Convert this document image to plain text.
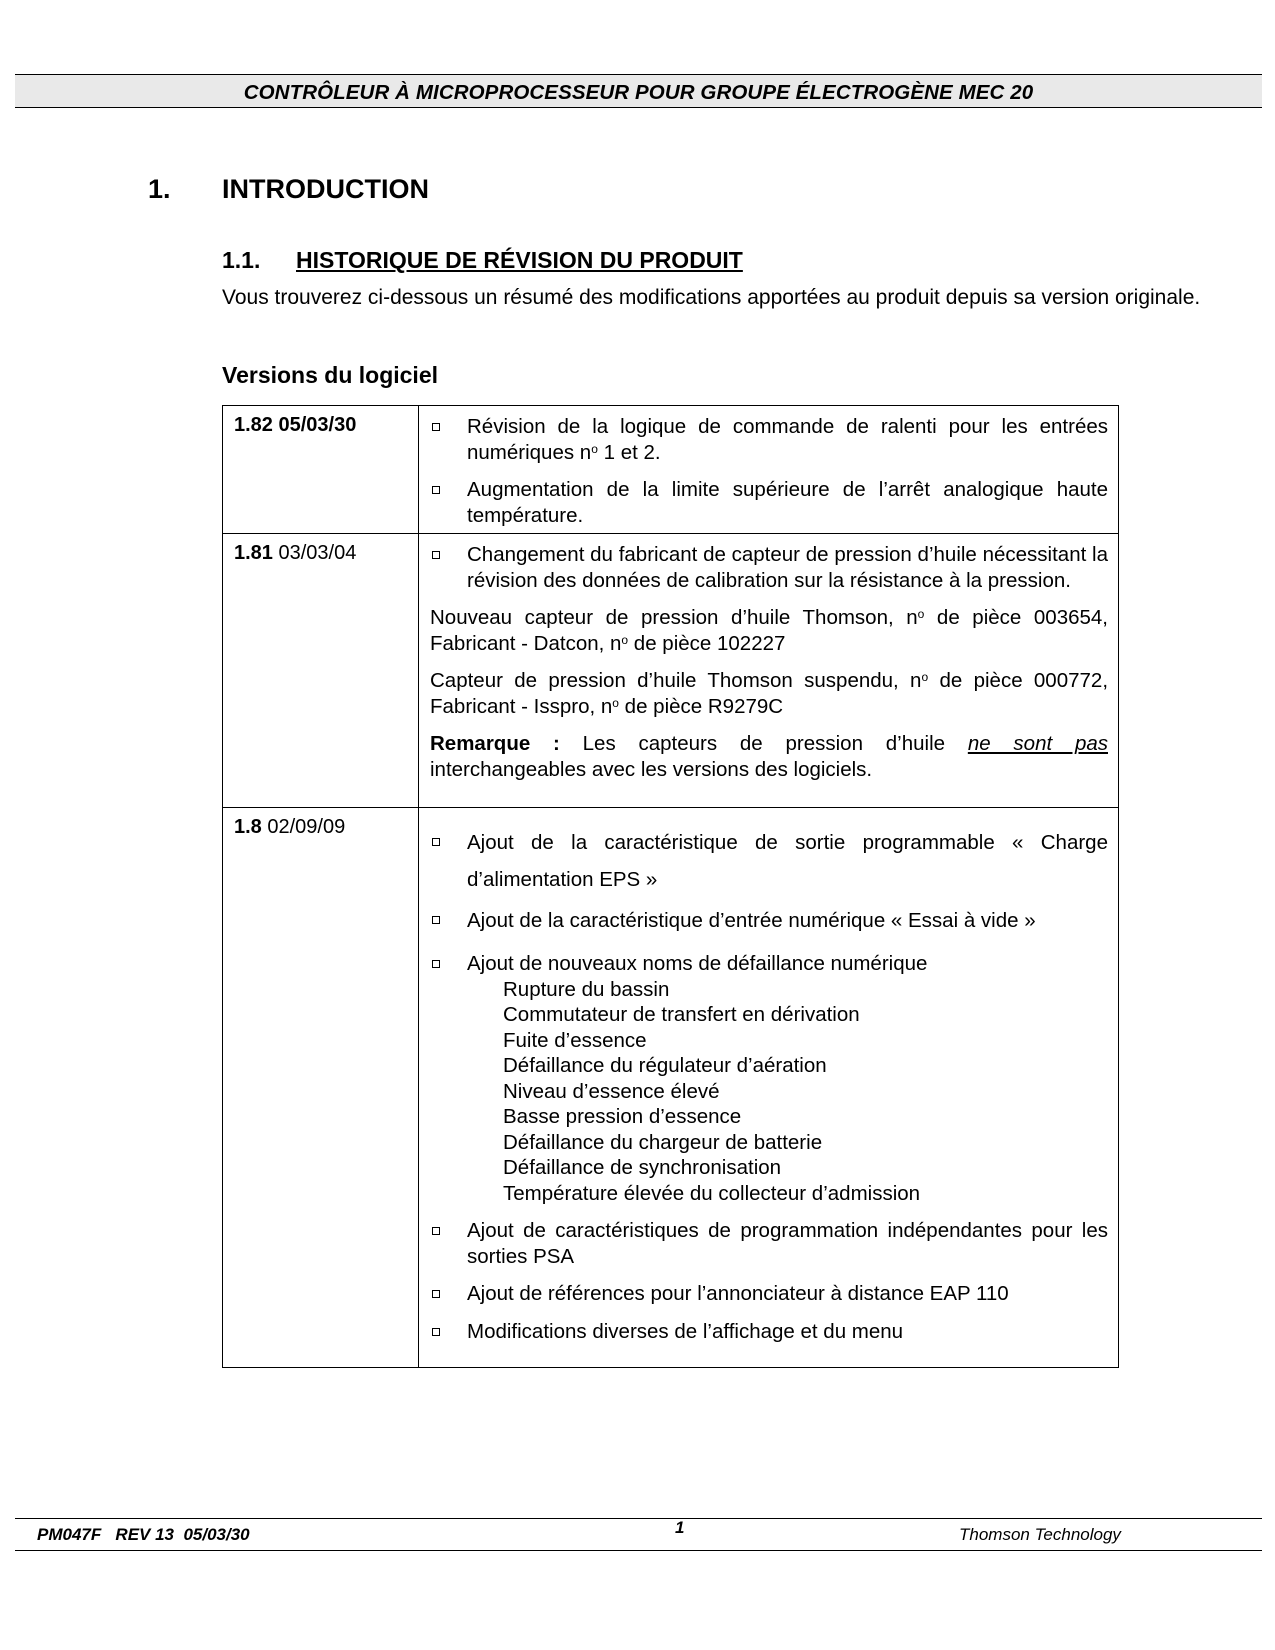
CONTRÔLEUR À MICROPROCESSEUR POUR GROUPE ÉLECTROGÈNE MEC 20
1. INTRODUCTION
1.1. HISTORIQUE DE RÉVISION DU PRODUIT
Vous trouverez ci-dessous un résumé des modifications apportées au produit depuis sa version originale.
Versions du logiciel
1.82 05/03/30	Révision de la logique de commande de ralenti pour les entrées numériques $n^o$ 1 et 2.
Augmentation de la limite supérieure de l’arrêt analogique haute température.
1.81 03/03/04	Changement du fabricant de capteur de pression d’huile nécessitant la révision des données de calibration sur la résistance à la pression.
Nouveau capteur de pression d’huile Thomson, $n^o$ de pièce 003654, Fabricant - Datcon, $n^o$ de pièce 102227
Capteur de pression d’huile Thomson suspendu, $n^o$ de pièce 000772, Fabricant - Isspro, $n^o$ de pièce R9279C
Remarque : Les capteurs de pression d’huile ne sont pas interchangeables avec les versions des logiciels.
1.8 02/09/09
Ajout de la caractéristique de sortie programmable « Charge d’alimentation EPS »
Ajout de la caractéristique d’entrée numérique « Essai à vide »
Ajout de nouveaux noms de défaillance numérique
Rupture du bassin
Commutateur de transfert en dérivation
Fuite d’essence
Défaillance du régulateur d’aération
Niveau d’essence élevé
Basse pression d’essence
Défaillance du chargeur de batterie
Défaillance de synchronisation
Température élevée du collecteur d’admission
Ajout de caractéristiques de programmation indépendantes pour les sorties PSA
Ajout de références pour l’annonciateur à distance EAP 110
Modifications diverses de l’affichage et du menu
PM047F   REV 13  05/03/30	1	Thomson Technology
